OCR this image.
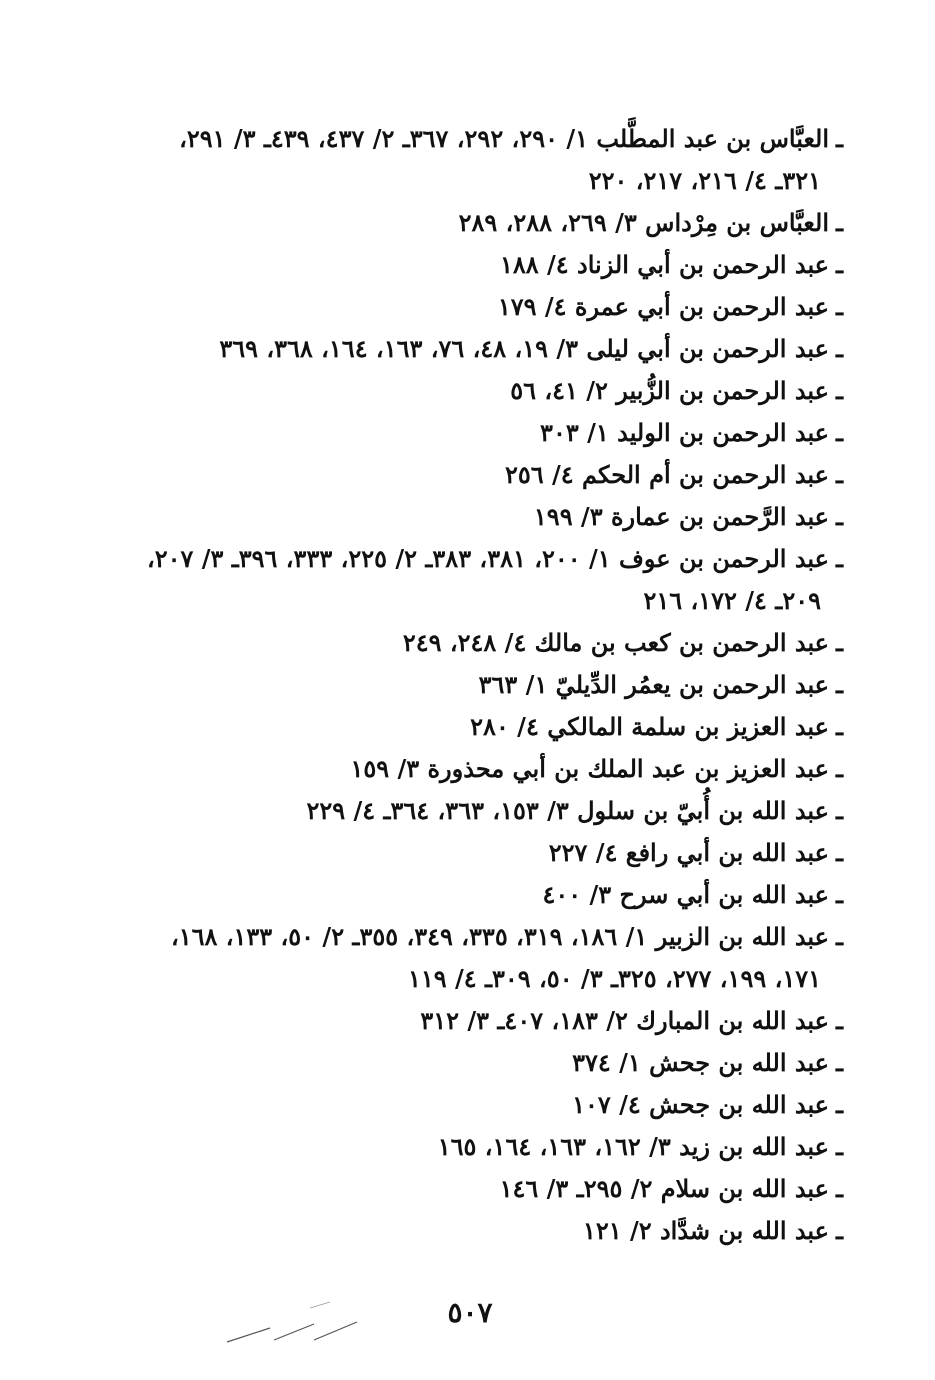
ـالعبَّاس بن عبد المطَّلب ١/ ٢٩٠، ٢٩٢، ٣٦٧ـ ٢/ ٤٣٧، ٤٣٩ـ ٣/ ٢٩١،
٣٢١ـ ٤/ ٢١٦، ٢١٧، ٢٢٠

ـالعبَّاس بن مِرْداس ٣/ ٢٦٩، ٢٨٨، ٢٨٩

ـعبد الرحمن بن أبي الزناد ٤/ ١٨٨

ـعبد الرحمن بن أبي عمرة ٤/ ١٧٩

ـعبد الرحمن بن أبي ليلى ٣/ ١٩، ٤٨، ٧٦، ١٦٣، ١٦٤، ٣٦٨، ٣٦٩

ـعبد الرحمن بن الزُّبير ٢/ ٤١، ٥٦

ـعبد الرحمن بن الوليد ١/ ٣٠٣

ـعبد الرحمن بن أم الحكم ٤/ ٢٥٦

ـعبد الرَّحمن بن عمارة ٣/ ١٩٩

ـعبد الرحمن بن عوف ١/ ٢٠٠، ٣٨١، ٣٨٣ـ ٢/ ٢٢٥، ٣٣٣، ٣٩٦ـ ٣/ ٢٠٧،
٢٠٩ـ ٤/ ١٧٢، ٢١٦

ـعبد الرحمن بن كعب بن مالك ٤/ ٢٤٨، ٢٤٩

ـعبد الرحمن بن يعمُر الدِّيليّ ١/ ٣٦٣

ـعبد العزيز بن سلمة المالكي ٤/ ٢٨٠

ـعبد العزيز بن عبد الملك بن أبي محذورة ٣/ ١٥٩

ـعبد الله بن أُبيّ بن سلول ٣/ ١٥٣، ٣٦٣، ٣٦٤ـ ٤/ ٢٢٩

ـعبد الله بن أبي رافع ٤/ ٢٢٧

ـعبد الله بن أبي سرح ٣/ ٤٠٠

ـعبد الله بن الزبير ١/ ١٨٦، ٣١٩، ٣٣٥، ٣٤٩، ٣٥٥ـ ٢/ ٥٠، ١٣٣، ١٦٨،
١٧١، ١٩٩، ٢٧٧، ٣٢٥ـ ٣/ ٥٠، ٣٠٩ـ ٤/ ١١٩

ـعبد الله بن المبارك ٢/ ١٨٣، ٤٠٧ـ ٣/ ٣١٢

ـعبد الله بن جحش ١/ ٣٧٤

ـعبد الله بن جحش ٤/ ١٠٧

ـعبد الله بن زيد ٣/ ١٦٢، ١٦٣، ١٦٤، ١٦٥

ـعبد الله بن سلام ٢/ ٢٩٥ـ ٣/ ١٤٦

ـعبد الله بن شدَّاد ٢/ ١٢١

٥٠٧
